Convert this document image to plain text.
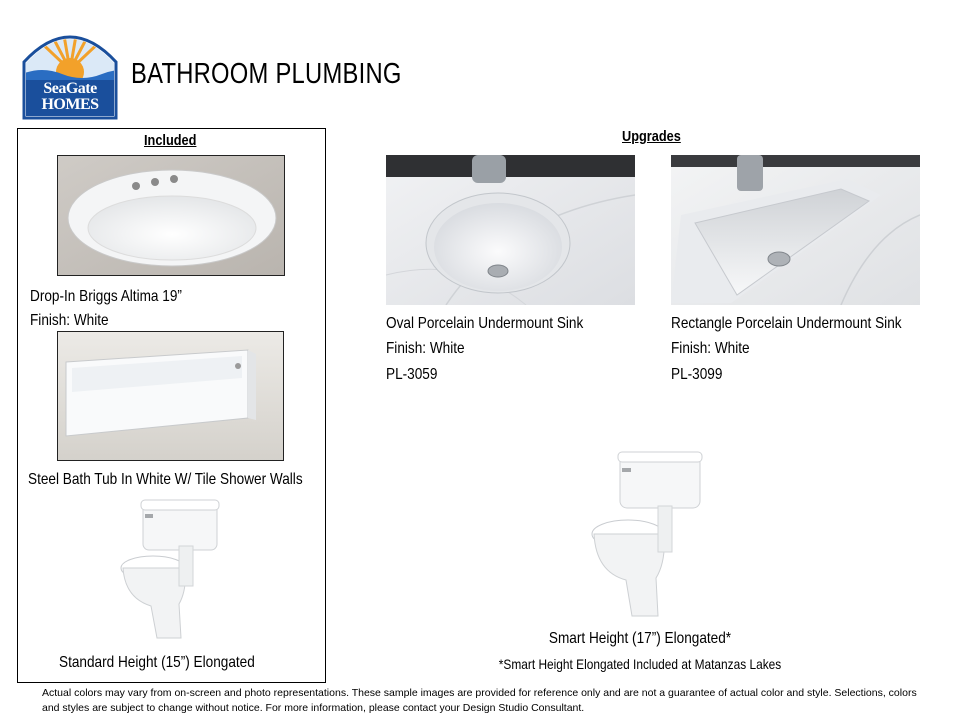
SeaGate
HOMES
BATHROOM PLUMBING
Included
Drop-In Briggs Altima 19”
Finish: White
Steel Bath Tub In White W/ Tile Shower Walls
Standard Height (15”) Elongated
Upgrades
Oval Porcelain Undermount Sink
Finish: White
PL-3059
Rectangle Porcelain Undermount Sink
Finish: White
PL-3099
Smart Height (17”) Elongated*
*Smart Height Elongated Included at Matanzas Lakes
Actual colors may vary from on-screen and photo representations. These sample images are provided for reference only and are not a guarantee of actual color and style. Selections, colors and styles are subject to change without notice. For more information, please contact your Design Studio Consultant.
